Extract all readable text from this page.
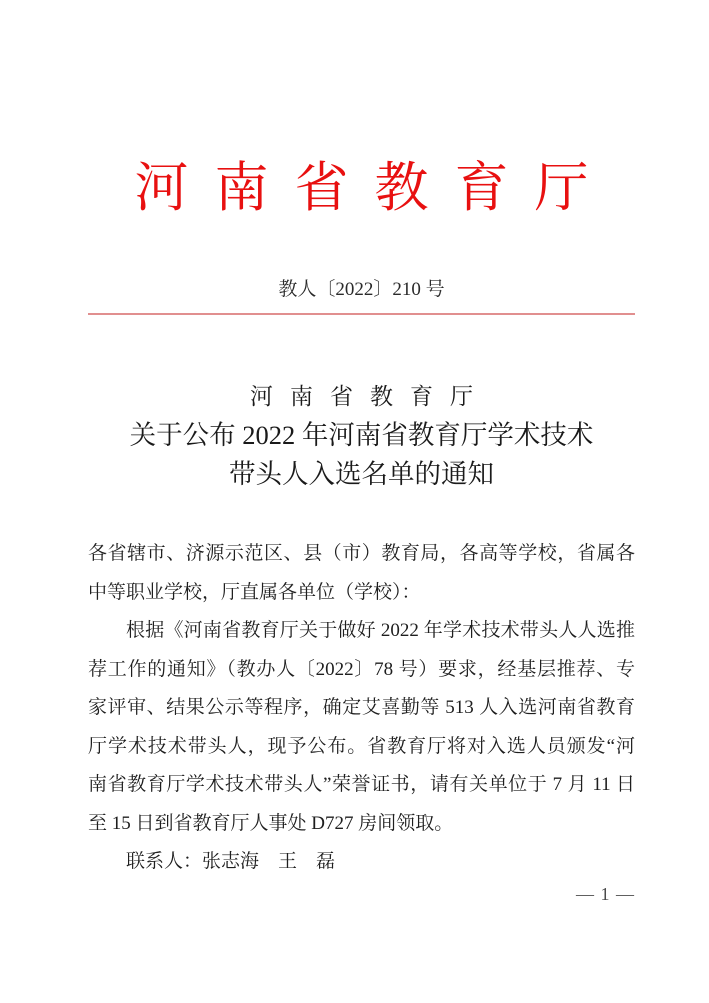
河南省教育厅
教人〔2022〕210 号
河南省教育厅
关于公布 2022 年河南省教育厅学术技术
带头人入选名单的通知
各省辖市、济源示范区、县（市）教育局，各高等学校，省属各
中等职业学校，厅直属各单位（学校）：
根据《河南省教育厅关于做好 2022 年学术技术带头人人选推
荐工作的通知》（教办人〔2022〕78 号）要求，经基层推荐、专
家评审、结果公示等程序，确定艾喜勤等 513 人入选河南省教育
厅学术技术带头人，现予公布。省教育厅将对入选人员颁发“河
南省教育厅学术技术带头人”荣誉证书，请有关单位于 7 月 11 日
至 15 日到省教育厅人事处 D727 房间领取。
联系人：张志海　王　磊
— 1 —
